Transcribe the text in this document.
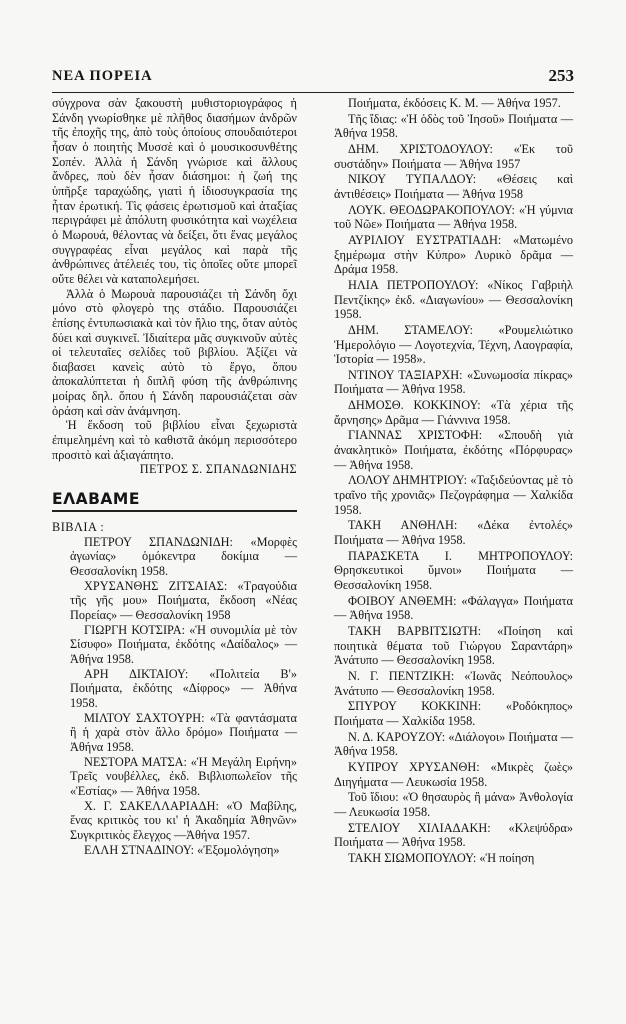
ΝΕΑ ΠΟΡΕΙΑ	253

σύγχρονα σὰν ξακουστὴ μυθιστοριογράφος ἡ Σάνδη γνωρίσθηκε μὲ πλῆθος διασήμων ἀνδρῶν τῆς ἐποχῆς της, ἀπὸ τοὺς ὁποίους σπουδαιότεροι ἦσαν ὁ ποιητὴς Μυσσὲ καὶ ὁ μουσικοσυνθέτης Σοπέν. Ἀλλὰ ἡ Σάνδη γνώρισε καὶ ἄλλους ἄνδρες, ποὺ δὲν ἦσαν διάσημοι: ἡ ζωή της ὑπῆρξε ταραχώδης, γιατὶ ἡ ἰδιοσυγκρασία της ἦταν ἐρωτική. Τὶς φάσεις ἐρωτισμοῦ καὶ ἀταξίας περιγράφει μὲ ἀπόλυτη φυσικότητα καὶ νωχέλεια ὁ Μωρουά, θέλοντας νὰ δείξει, ὅτι ἕνας μεγάλος συγγραφέας εἶναι μεγάλος καὶ παρὰ τῆς ἀνθρώπινες ἀτέλειές του, τὶς ὁποῖες οὔτε μπορεῖ οὔτε θέλει νὰ καταπολεμήσει.

Ἀλλὰ ὁ Μωρουὰ παρουσιάζει τὴ Σάνδη ὄχι μόνο στὸ φλογερὸ της στάδιο. Παρουσιάζει ἐπίσης ἐντυπωσιακὰ καὶ τὸν ἥλιο της, ὅταν αὐτὸς δύει καὶ συγκινεῖ. Ἰδιαίτερα μᾶς συγκινοῦν αὐτὲς οἱ τελευταῖες σελίδες τοῦ βιβλίου. Ἀξίζει νὰ διαβασει κανεὶς αὐτὸ τὸ ἔργο, ὅπου ἀποκαλύπτεται ἡ διπλῆ φύση τῆς ἀνθρώπινης μοίρας δηλ. ὅπου ἡ Σάνδη παρουσιάζεται σὰν ὀράση καὶ σὰν ἀνάμνηση.

Ἡ ἔκδοση τοῦ βιβλίου εἶναι ξεχωριστὰ ἐπιμελημένη καὶ τὸ καθιστᾶ ἀκόμη περισσότερο προσιτὸ καὶ ἀξιαγάπητο.

ΠΕΤΡΟΣ Σ. ΣΠΑΝΔΩΝΙΔΗΣ
ΕΛΑΒΑΜΕ
ΒΙΒΛΙΑ :

ΠΕΤΡΟΥ ΣΠΑΝΔΩΝΙΔΗ: «Μορφὲς ἀγωνίας» ὁμόκεντρα δοκίμια — Θεσσαλονίκη 1958.

ΧΡΥΣΑΝΘΗΣ ΖΙΤΣΑΙΑΣ: «Τραγούδια τῆς γῆς μου» Ποιήματα, ἔκδοση «Νέας Πορείας» — Θεσσαλονίκη 1958

ΓΙΩΡΓΗ ΚΟΤΣΙΡΑ: «Ἡ συνομιλία μὲ τὸν Σίσυφο» Ποιήματα, ἐκδότης «Δαίδαλος» — Ἀθήνα 1958.

ΑΡΗ ΔΙΚΤΑΙΟΥ: «Πολιτεία Β'» Ποιήματα, ἐκδότης «Δίφρος» — Ἀθήνα 1958.

ΜΙΛΤΟΥ ΣΑΧΤΟΥΡΗ: «Τὰ φαντάσματα ἢ ἡ χαρὰ στὸν ἄλλο δρόμο» Ποιήματα — Ἀθήνα 1958.

ΝΕΣΤΟΡΑ ΜΑΤΣΑ: «Ἡ Μεγάλη Ειρήνη» Τρεῖς νουβέλλες, ἐκδ. Βιβλιοπωλεῖον τῆς «Ἑστίας» — Ἀθήνα 1958.

Χ. Γ. ΣΑΚΕΛΛΑΡΙΑΔΗ: «Ὁ Μαβίλης, ἕνας κριτικὸς του κι' ἡ Ἀκαδημία Ἀθηνῶν» Συγκριτικὸς ἔλεγχος —Ἀθήνα 1957.

ΕΛΛΗ ΣΤΝΑΔΙΝΟΥ: «Ἐξομολόγηση»

Ποιήματα, ἐκδόσεις Κ. Μ. — Ἀθήνα 1957.

Τῆς ἴδιας: «Ἡ ὁδὸς τοῦ Ἰησοῦ» Ποιήματα — Ἀθήνα 1958.

ΔΗΜ. ΧΡΙΣΤΟΔΟΥΛΟΥ: «Ἐκ τοῦ συστάδην» Ποιήματα — Ἀθήνα 1957

ΝΙΚΟΥ ΤΥΠΑΛΔΟΥ: «Θέσεις καὶ ἀντιθέσεις» Ποιήματα — Ἀθήνα 1958

ΛΟΥΚ. ΘΕΟΔΩΡΑΚΟΠΟΥΛΟΥ: «Ἡ γύμνια τοῦ Νῶε» Ποιήματα — Ἀθήνα 1958.

ΑΥΡΙΛΙΟΥ ΕΥΣΤΡΑΤΙΑΔΗ: «Ματωμένο ξημέρωμα στὴν Κύπρο» Λυρικὸ δρᾶμα — Δράμα 1958.

ΗΛΙΑ ΠΕΤΡΟΠΟΥΛΟΥ: «Νίκος Γαβριὴλ Πεντζίκης» ἐκδ. «Διαγωνίου» — Θεσσαλονίκη 1958.

ΔΗΜ. ΣΤΑΜΕΛΟΥ: «Ρουμελιώτικο Ἡμερολόγιο — Λογοτεχνία, Τέχνη, Λαογραφία, Ἱστορία — 1958».

ΝΤΙΝΟΥ ΤΑΞΙΑΡΧΗ: «Συνωμοσία πίκρας» Ποιήματα — Ἀθήνα 1958.

ΔΗΜΟΣΘ. ΚΟΚΚΙΝΟΥ: «Τὰ χέρια τῆς ἄρνησης» Δρᾶμα — Γιάννινα 1958.

ΓΙΑΝΝΑΣ ΧΡΙΣΤΟΦΗ: «Σπουδὴ γιὰ ἀνακλητικὸ» Ποιήματα, ἐκδότης «Πόρφυρας» — Ἀθήνα 1958.

ΛΟΛΟΥ ΔΗΜΗΤΡΙΟΥ: «Ταξιδεύοντας μὲ τὸ τραῖνο τῆς χρονιᾶς» Πεζογράφημα — Χαλκίδα 1958.

ΤΑΚΗ ΑΝΘΗΛΗ: «Δέκα ἐντολές» Ποιήματα — Ἀθήνα 1958.

ΠΑΡΑΣΚΕΤΑ Ι. ΜΗΤΡΟΠΟΥΛΟΥ: Θρησκευτικοὶ ὕμνοι» Ποιήματα — Θεσσαλονίκη 1958.

ΦΟΙΒΟΥ ΑΝΘΕΜΗ: «Φάλαγγα» Ποιήματα — Ἀθήνα 1958.

ΤΑΚΗ ΒΑΡΒΙΤΣΙΩΤΗ: «Ποίηση καὶ ποιητικὰ θέματα τοῦ Γιώργου Σαραντάρη» Ἀνάτυπο — Θεσσαλονίκη 1958.

Ν. Γ. ΠΕΝΤΖΙΚΗ: «Ἰωνᾶς Νεόπουλος» Ἀνάτυπο — Θεσσαλονίκη 1958.

ΣΠΥΡΟΥ ΚΟΚΚΙΝΗ: «Ροδόκηπος» Ποιήματα — Χαλκίδα 1958.

Ν. Δ. ΚΑΡΟΥΖΟΥ: «Διάλογοι» Ποιήματα — Ἀθήνα 1958.

ΚΥΠΡΟΥ ΧΡΥΣΑΝΘΗ: «Μικρὲς ζωὲς» Διηγήματα — Λευκωσία 1958.

Τοῦ ἴδιου: «Ὁ θησαυρὸς ἢ μάνα» Ἀνθολογία — Λευκωσία 1958.

ΣΤΕΛΙΟΥ ΧΙΛΙΑΔΑΚΗ: «Κλεψύδρα» Ποιήματα — Ἀθήνα 1958.

ΤΑΚΗ ΣΙΩΜΟΠΟΥΛΟΥ: «Ἡ ποίηση
